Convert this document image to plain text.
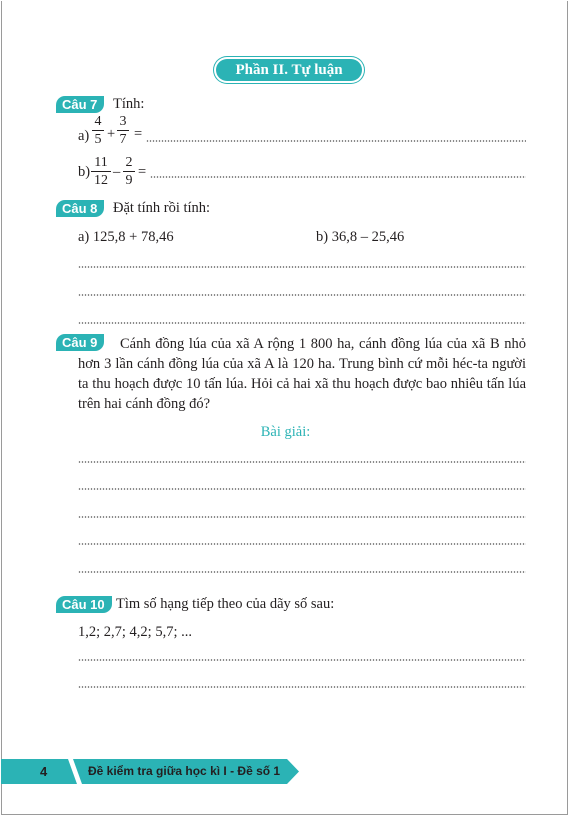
Phần II. Tự luận
Câu 7	Tính:
a)
4
5 +
3
7 =
b)
11
12
–
2
9
=
Câu 8	Đặt tính rồi tính:
a) 125,8 + 78,46	b) 36,8 – 25,46
Câu 9	Cánh đồng lúa của xã A rộng 1 800 ha, cánh đồng lúa của xã B nhỏ hơn 3 lần cánh đồng lúa của xã A là 120 ha. Trung bình cứ mỗi héc-ta người ta thu hoạch được 10 tấn lúa. Hỏi cả hai xã thu hoạch được bao nhiêu tấn lúa trên hai cánh đồng đó?
Bài giải:
Câu 10 Tìm số hạng tiếp theo của dãy số sau:
1,2; 2,7; 4,2; 5,7; ...
4	Đề kiểm tra giữa học kì I - Đề số 1
